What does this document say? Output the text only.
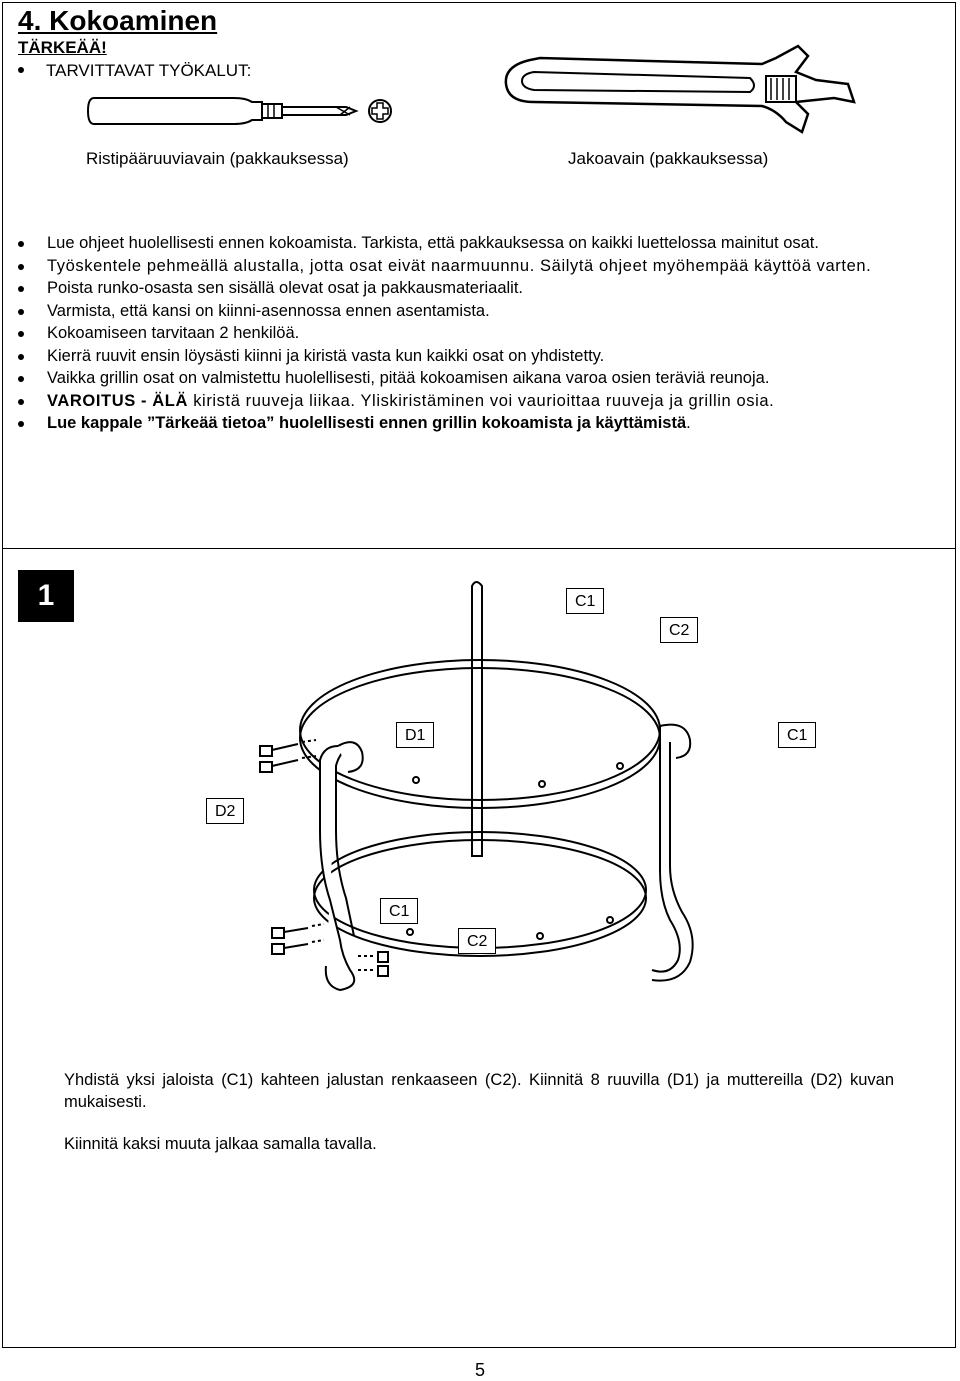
4. Kokoaminen
TÄRKEÄÄ!
TARVITTAVAT TYÖKALUT:
Ristipääruuviavain (pakkauksessa)	Jakoavain (pakkauksessa)
Lue ohjeet huolellisesti ennen kokoamista. Tarkista, että pakkauksessa on kaikki luettelossa mainitut osat.
Työskentele pehmeällä alustalla, jotta osat eivät naarmuunnu. Säilytä ohjeet myöhempää käyttöä varten.
Poista runko-osasta sen sisällä olevat osat ja pakkausmateriaalit.
Varmista, että kansi on kiinni-asennossa ennen asentamista.
Kokoamiseen tarvitaan 2 henkilöä.
Kierrä ruuvit ensin löysästi kiinni ja kiristä vasta kun kaikki osat on yhdistetty.
Vaikka grillin osat on valmistettu huolellisesti, pitää kokoamisen aikana varoa osien teräviä reunoja.
VAROITUS - ÄLÄ kiristä ruuveja liikaa. Yliskiristäminen voi vaurioittaa ruuveja ja grillin osia.
Lue kappale ”Tärkeää tietoa” huolellisesti ennen grillin kokoamista ja käyttämistä.
1	C1
C2
D1	C1
D2
C1
C2
Yhdistä yksi jaloista (C1) kahteen jalustan renkaaseen (C2). Kiinnitä 8 ruuvilla (D1) ja muttereilla (D2) kuvan mukaisesti.
Kiinnitä kaksi muuta jalkaa samalla tavalla.
5
